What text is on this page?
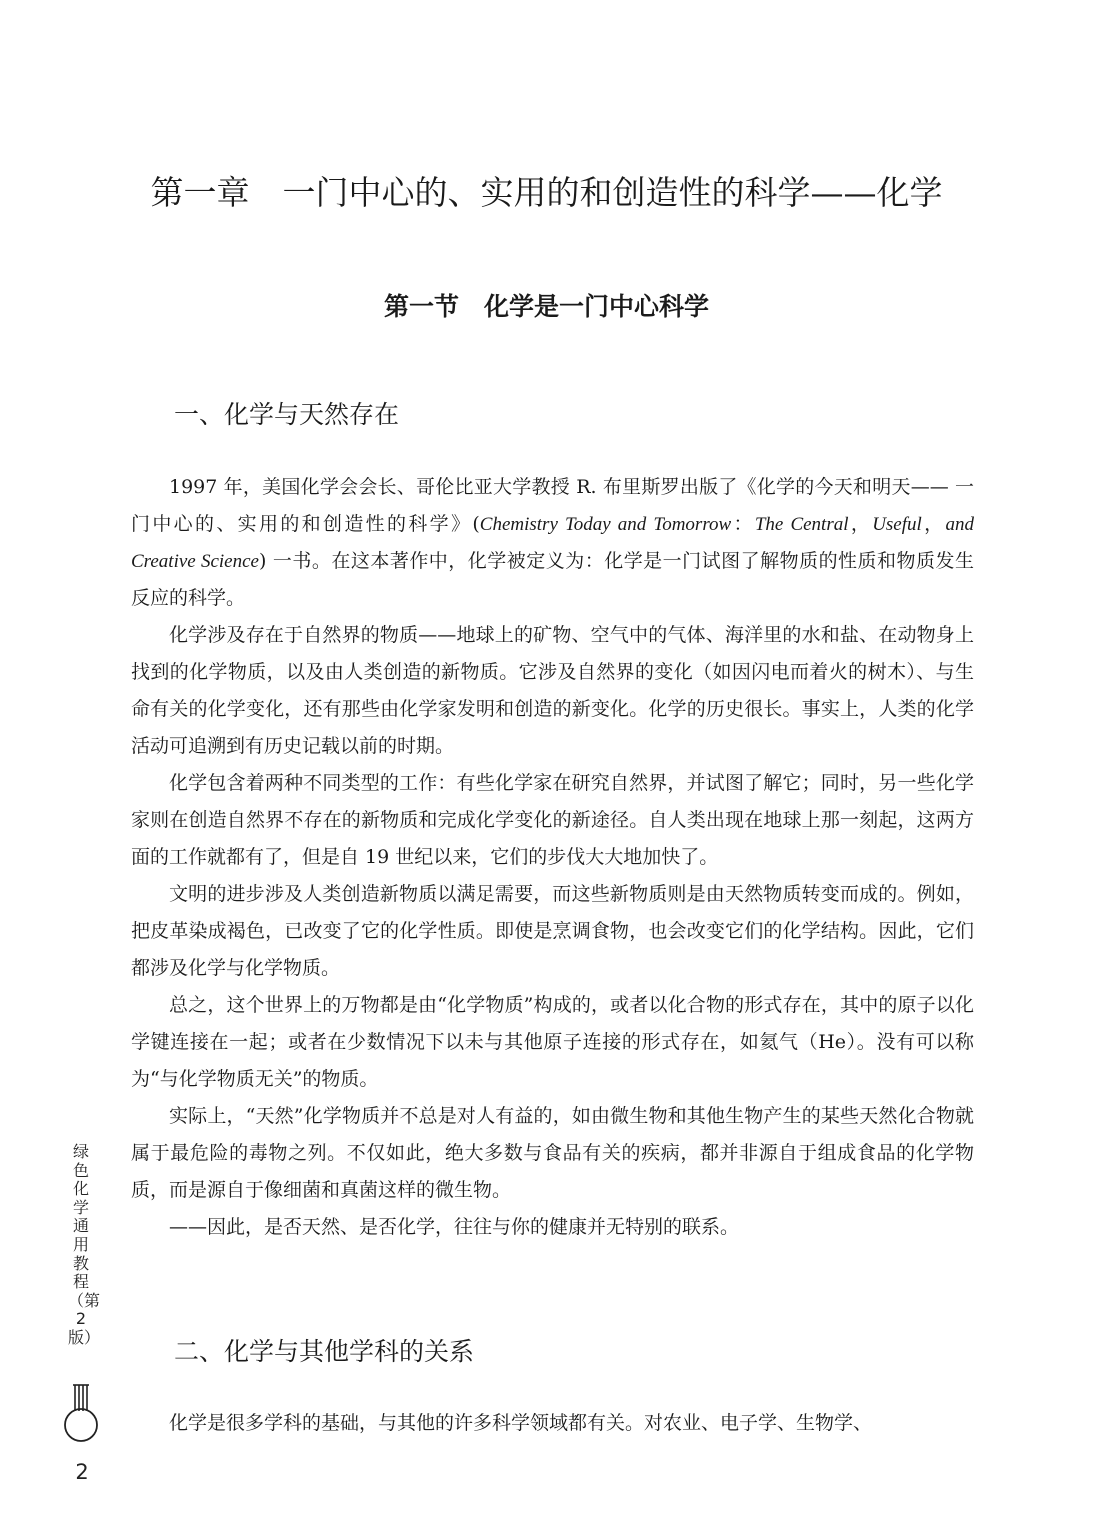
第一章　一门中心的、实用的和创造性的科学——化学
第一节　化学是一门中心科学
一、化学与天然存在

1997 年，美国化学会会长、哥伦比亚大学教授 R. 布里斯罗出版了《化学的今天和明天—— 一门中心的、实用的和创造性的科学》(Chemistry Today and Tomorrow：The Central，Useful，and Creative Science) 一书。在这本著作中，化学被定义为：化学是一门试图了解物质的性质和物质发生反应的科学。

化学涉及存在于自然界的物质——地球上的矿物、空气中的气体、海洋里的水和盐、在动物身上找到的化学物质，以及由人类创造的新物质。它涉及自然界的变化（如因闪电而着火的树木）、与生命有关的化学变化，还有那些由化学家发明和创造的新变化。化学的历史很长。事实上，人类的化学活动可追溯到有历史记载以前的时期。

化学包含着两种不同类型的工作：有些化学家在研究自然界，并试图了解它；同时，另一些化学家则在创造自然界不存在的新物质和完成化学变化的新途径。自人类出现在地球上那一刻起，这两方面的工作就都有了，但是自 19 世纪以来，它们的步伐大大地加快了。

文明的进步涉及人类创造新物质以满足需要，而这些新物质则是由天然物质转变而成的。例如，把皮革染成褐色，已改变了它的化学性质。即使是烹调食物，也会改变它们的化学结构。因此，它们都涉及化学与化学物质。

总之，这个世界上的万物都是由“化学物质”构成的，或者以化合物的形式存在，其中的原子以化学键连接在一起；或者在少数情况下以未与其他原子连接的形式存在，如氦气（He）。没有可以称为“与化学物质无关”的物质。

实际上，“天然”化学物质并不总是对人有益的，如由微生物和其他生物产生的某些天然化合物就属于最危险的毒物之列。不仅如此，绝大多数与食品有关的疾病，都并非源自于组成食品的化学物质，而是源自于像细菌和真菌这样的微生物。

——因此，是否天然、是否化学，往往与你的健康并无特别的联系。

二、化学与其他学科的关系

化学是很多学科的基础，与其他的许多科学领域都有关。对农业、电子学、生物学、

绿色化学通用教程（第2版）
2
